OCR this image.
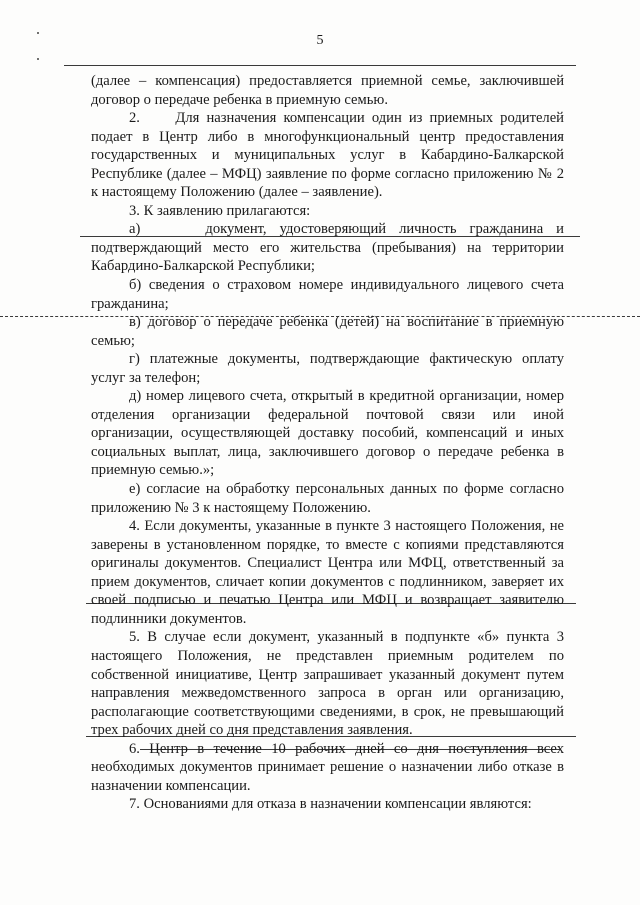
5

(далее – компенсация) предоставляется приемной семье, заключившей договор о передаче ребенка в приемную семью.

2.     Для назначения компенсации один из приемных родителей подает в Центр либо в многофункциональный центр предоставления государственных и муниципальных услуг в Кабардино-Балкарской Республике (далее – МФЦ) заявление по форме согласно приложению № 2 к настоящему Положению (далее – заявление).

3. К заявлению прилагаются:

а)     документ, удостоверяющий личность гражданина и подтверждающий место его жительства (пребывания) на территории Кабардино-Балкарской Республики;

б) сведения о страховом номере индивидуального лицевого счета гражданина;

в) договор о передаче ребенка (детей) на воспитание в приемную семью;

г) платежные документы, подтверждающие фактическую оплату услуг за телефон;

д) номер лицевого счета, открытый в кредитной организации, номер отделения организации федеральной почтовой связи или иной организации, осуществляющей доставку пособий, компенсаций и иных социальных выплат, лица, заключившего договор о передаче ребенка в приемную семью.»;

е) согласие на обработку персональных данных по форме согласно приложению № 3 к настоящему Положению.

4. Если документы, указанные в пункте 3 настоящего Положения, не заверены в установленном порядке, то вместе с копиями представляются оригиналы документов. Специалист Центра или МФЦ, ответственный за прием документов, сличает копии документов с подлинником, заверяет их своей подписью и печатью Центра или МФЦ и возвращает заявителю подлинники документов.

5. В случае если документ, указанный в подпункте «б» пункта 3 настоящего Положения, не представлен приемным родителем по собственной инициативе, Центр запрашивает указанный документ путем направления межведомственного запроса в орган или организацию, располагающие соответствующими сведениями, в срок, не превышающий трех рабочих дней со дня представления заявления.

6. Центр в течение 10 рабочих дней со дня поступления всех необходимых документов принимает решение о назначении либо отказе в назначении компенсации.

7. Основаниями для отказа в назначении компенсации являются:
